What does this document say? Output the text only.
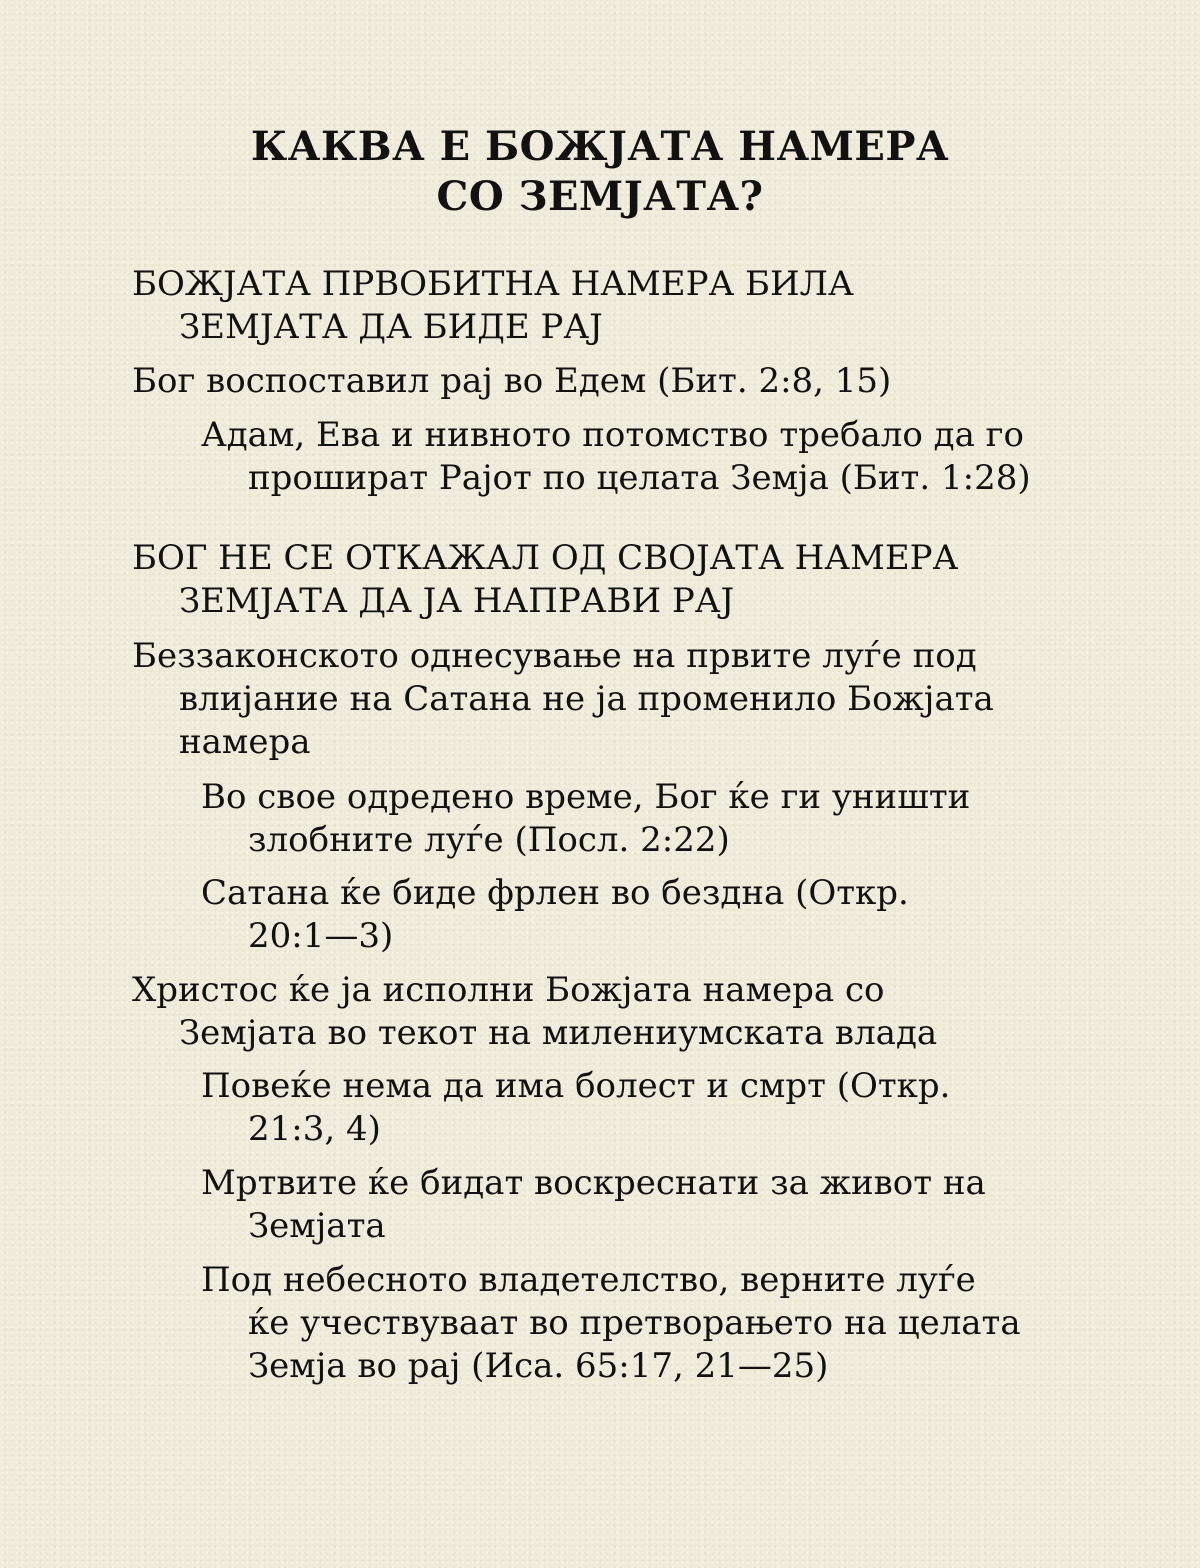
КАКВА Е БОЖЈАТА НАМЕРА
СО ЗЕМЈАТА?
БОЖЈАТА ПРВОБИТНА НАМЕРА БИЛА
ЗЕМЈАТА ДА БИДЕ РАЈ
Бог воспоставил рај во Едем (Бит. 2:8, 15)
Адам, Ева и нивното потомство требало да го
прошират Рајот по целата Земја (Бит. 1:28)
БОГ НЕ СЕ ОТКАЖАЛ ОД СВОЈАТА НАМЕРА
ЗЕМЈАТА ДА ЈА НАПРАВИ РАЈ
Беззаконското однесување на првите луѓе под
влијание на Сатана не ја променило Божјата
намера
Во свое одредено време, Бог ќе ги уништи
злобните луѓе (Посл. 2:22)
Сатана ќе биде фрлен во бездна (Откр.
20:1—3)
Христос ќе ја исполни Божјата намера со
Земјата во текот на милениумската влада
Повеќе нема да има болест и смрт (Откр.
21:3, 4)
Мртвите ќе бидат воскреснати за живот на
Земјата
Под небесното владетелство, верните луѓе
ќе учествуваат во претворањето на целата
Земја во рај (Иса. 65:17, 21—25)
